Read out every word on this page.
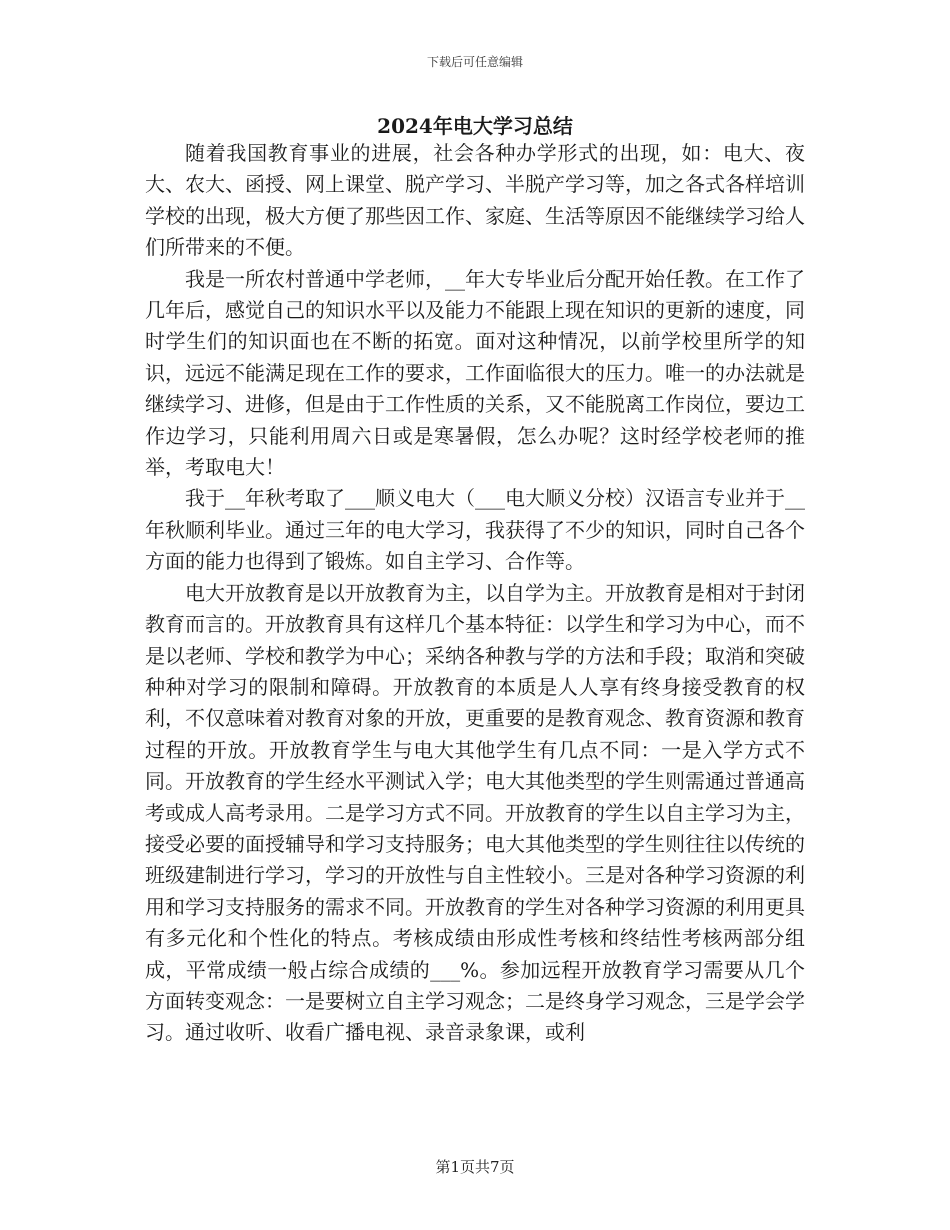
下载后可任意编辑
2024年电大学习总结

随着我国教育事业的进展，社会各种办学形式的出现，如：电大、夜大、农大、函授、网上课堂、脱产学习、半脱产学习等，加之各式各样培训学校的出现，极大方便了那些因工作、家庭、生活等原因不能继续学习给人们所带来的不便。

我是一所农村普通中学老师，__年大专毕业后分配开始任教。在工作了几年后，感觉自己的知识水平以及能力不能跟上现在知识的更新的速度，同时学生们的知识面也在不断的拓宽。面对这种情况，以前学校里所学的知识，远远不能满足现在工作的要求，工作面临很大的压力。唯一的办法就是继续学习、进修，但是由于工作性质的关系，又不能脱离工作岗位，要边工作边学习，只能利用周六日或是寒暑假，怎么办呢？这时经学校老师的推举，考取电大！

我于__年秋考取了___顺义电大（___电大顺义分校）汉语言专业并于__年秋顺利毕业。通过三年的电大学习，我获得了不少的知识，同时自己各个方面的能力也得到了锻炼。如自主学习、合作等。

电大开放教育是以开放教育为主，以自学为主。开放教育是相对于封闭教育而言的。开放教育具有这样几个基本特征：以学生和学习为中心，而不是以老师、学校和教学为中心；采纳各种教与学的方法和手段；取消和突破种种对学习的限制和障碍。开放教育的本质是人人享有终身接受教育的权利，不仅意味着对教育对象的开放，更重要的是教育观念、教育资源和教育过程的开放。开放教育学生与电大其他学生有几点不同：一是入学方式不同。开放教育的学生经水平测试入学；电大其他类型的学生则需通过普通高考或成人高考录用。二是学习方式不同。开放教育的学生以自主学习为主，接受必要的面授辅导和学习支持服务；电大其他类型的学生则往往以传统的班级建制进行学习，学习的开放性与自主性较小。三是对各种学习资源的利用和学习支持服务的需求不同。开放教育的学生对各种学习资源的利用更具有多元化和个性化的特点。考核成绩由形成性考核和终结性考核两部分组成，平常成绩一般占综合成绩的___%。参加远程开放教育学习需要从几个方面转变观念：一是要树立自主学习观念；二是终身学习观念，三是学会学习。通过收听、收看广播电视、录音录象课，或利

第1页共7页
